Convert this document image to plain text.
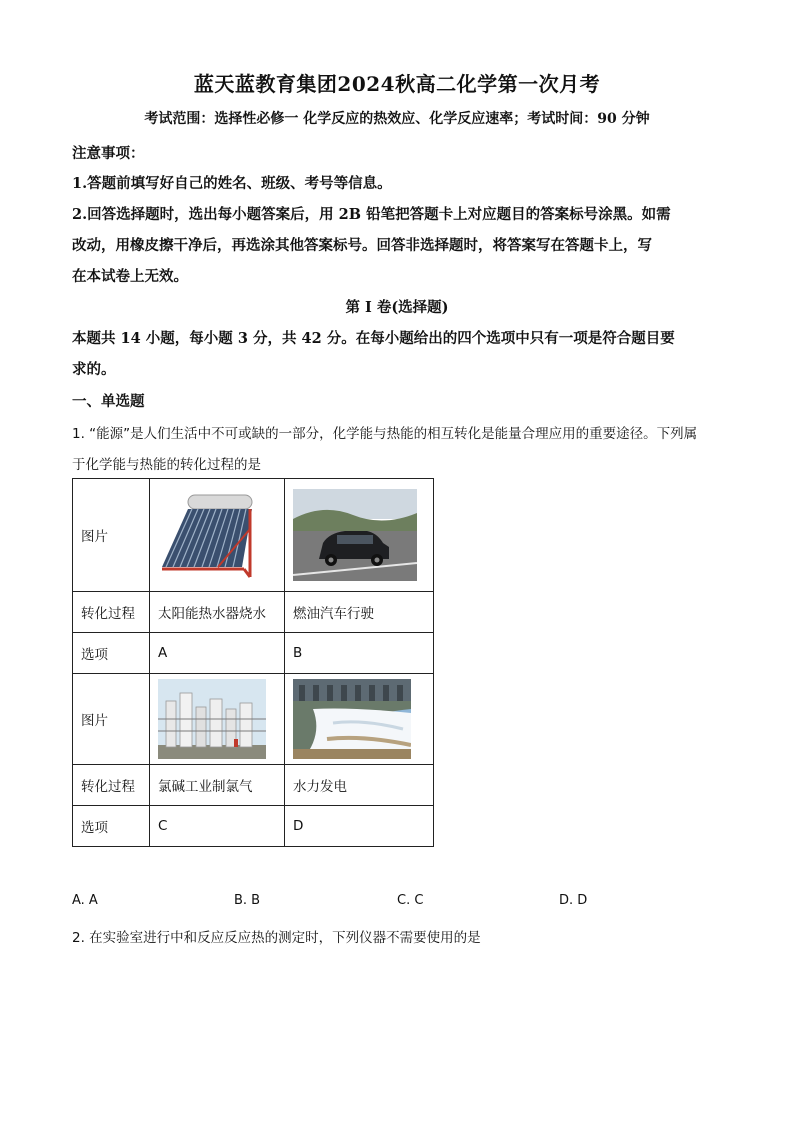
蓝天蓝教育集团2024秋高二化学第一次月考
考试范围：选择性必修一 化学反应的热效应、化学反应速率；考试时间：90 分钟
注意事项：
1.答题前填写好自己的姓名、班级、考号等信息。
2.回答选择题时，选出每小题答案后，用 2B 铅笔把答题卡上对应题目的答案标号涂黑。如需
改动，用橡皮擦干净后，再选涂其他答案标号。回答非选择题时，将答案写在答题卡上，写
在本试卷上无效。
第 I 卷(选择题)
本题共 14 小题，每小题 3 分，共 42 分。在每小题给出的四个选项中只有一项是符合题目要
求的。
一、单选题
1. “能源”是人们生活中不可或缺的一部分，化学能与热能的相互转化是能量合理应用的重要途径。下列属
于化学能与热能的转化过程的是
图片	

转化过程	太阳能热水器烧水	燃油汽车行驶
选项	A	B
图片	

转化过程	氯碱工业制氯气	水力发电
选项	C	D
A. A	B. B	C. C	D. D
2. 在实验室进行中和反应反应热的测定时，下列仪器不需要使用的是
